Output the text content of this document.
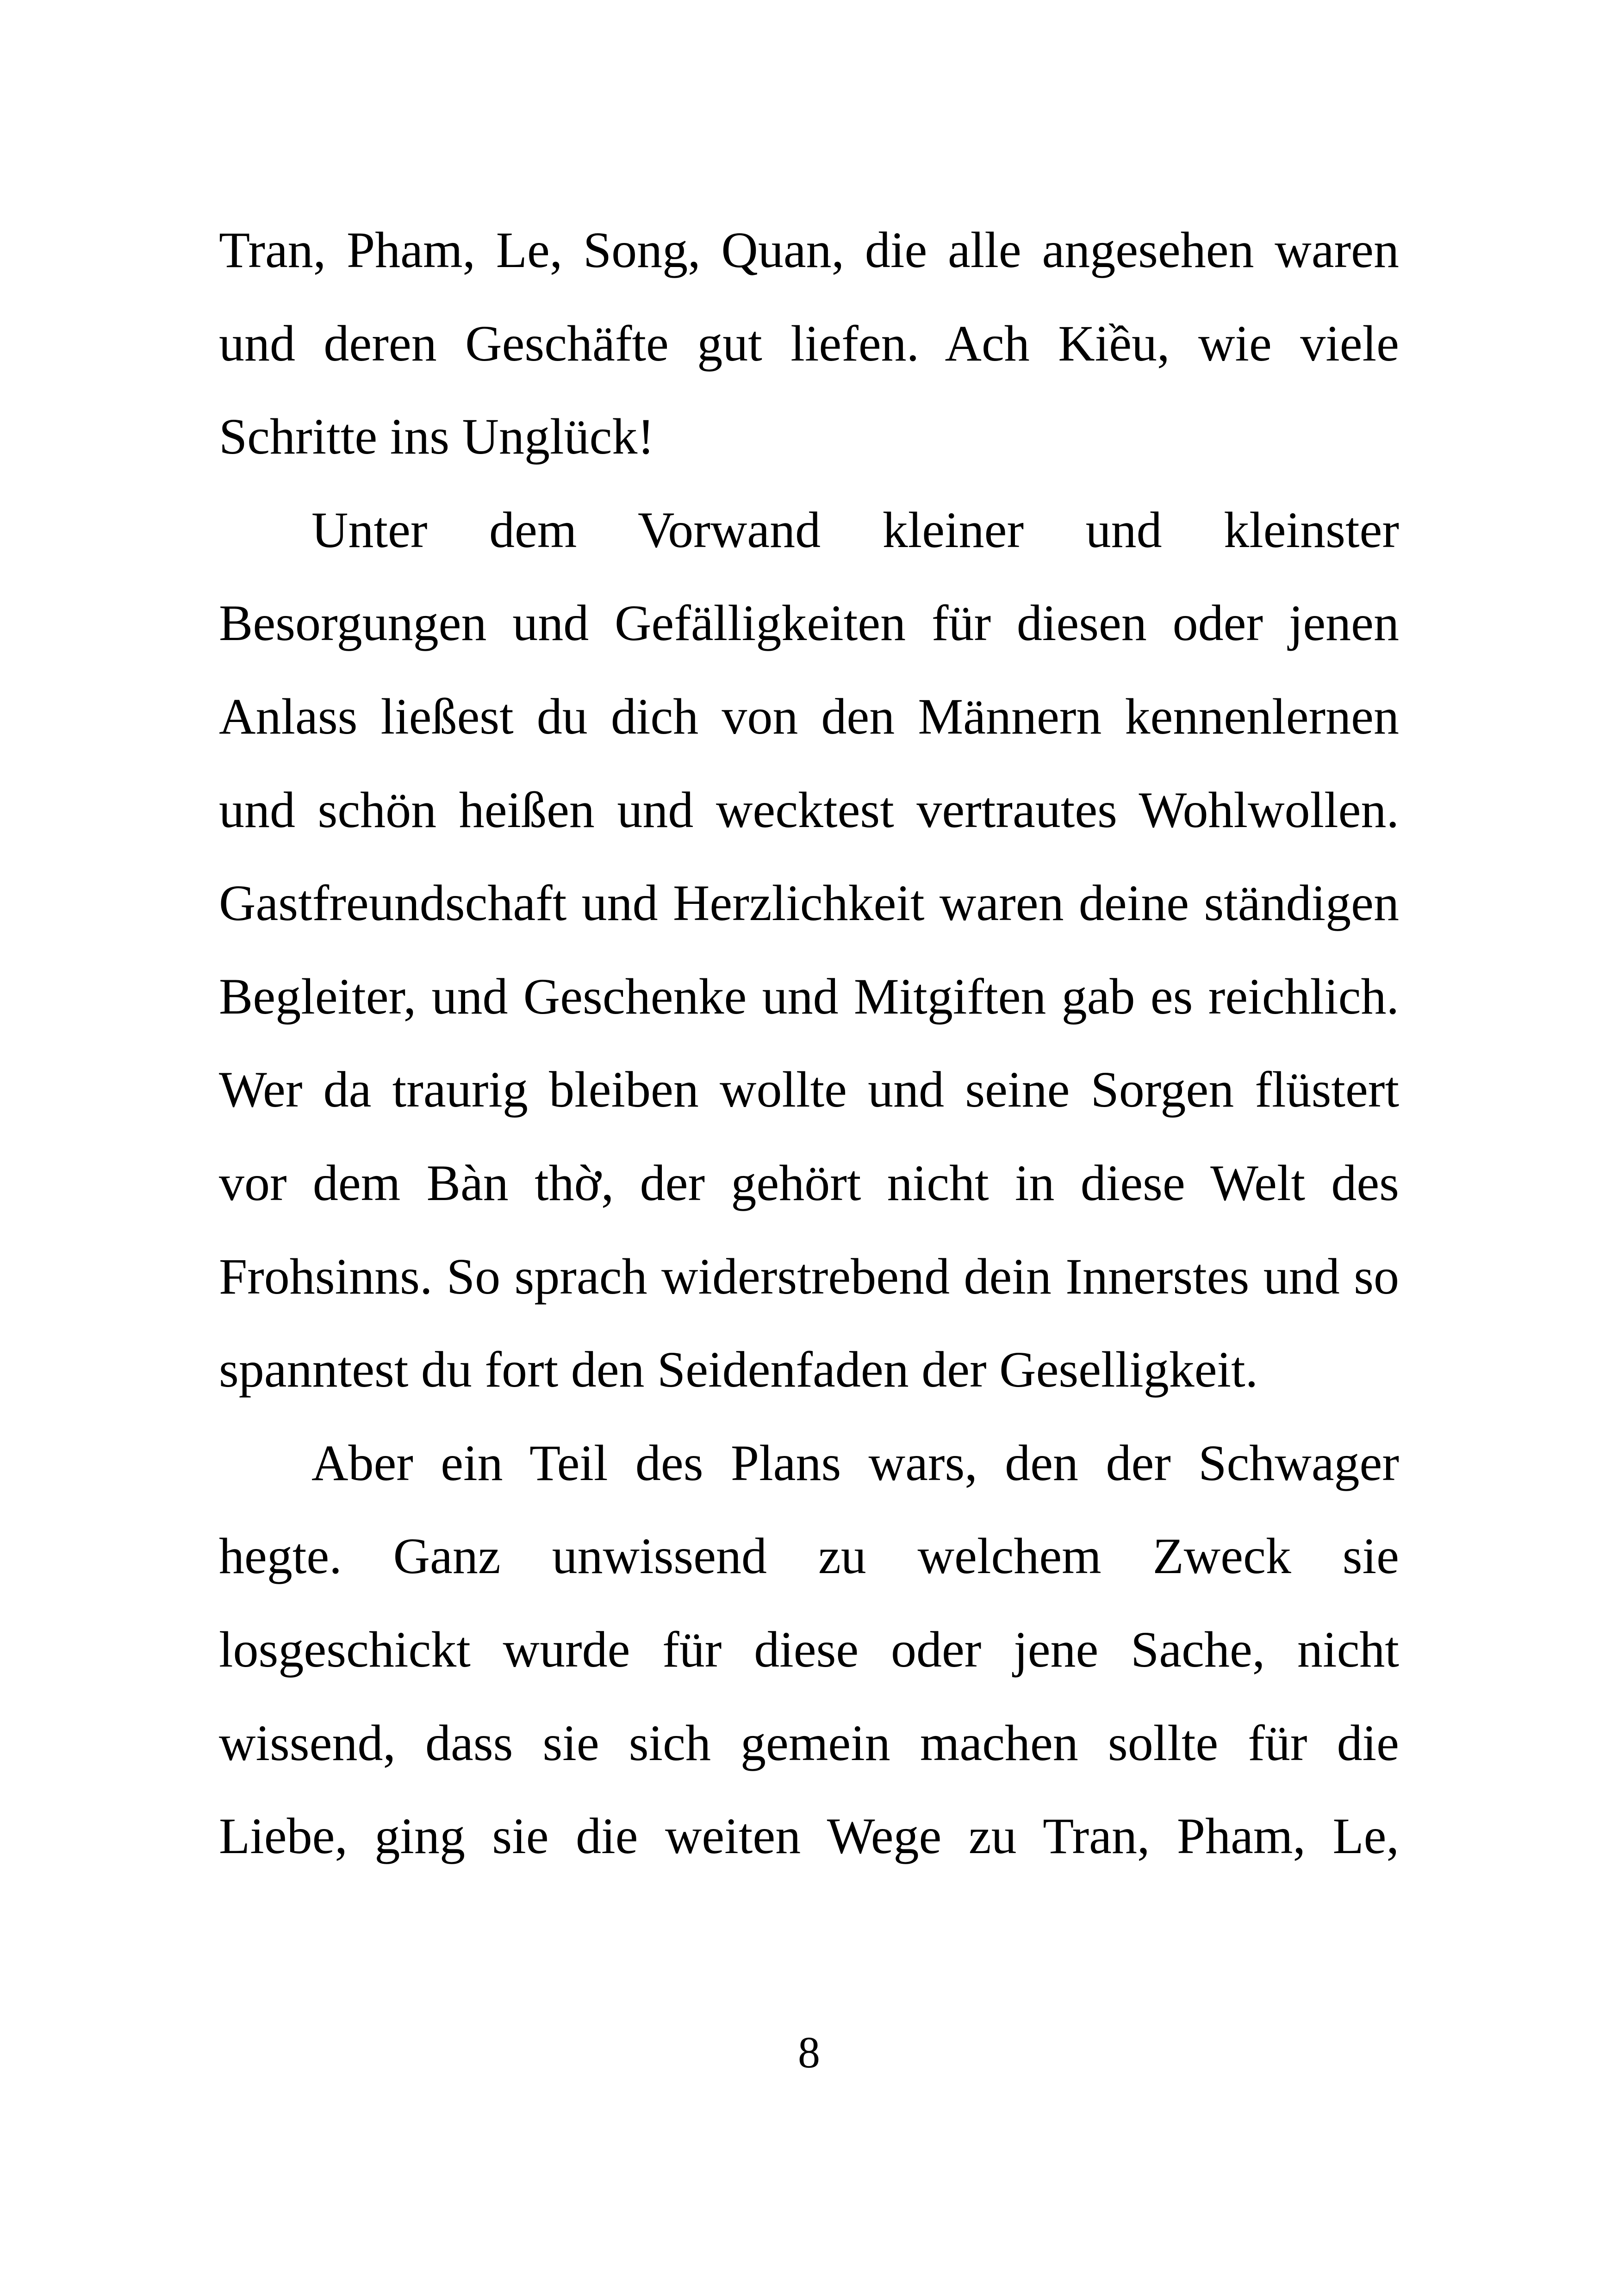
Tran, Pham, Le, Song, Quan, die alle angesehen waren und deren Geschäfte gut liefen. Ach Kiều, wie viele Schritte ins Unglück!

Unter dem Vorwand kleiner und kleinster Besorgungen und Gefälligkeiten für diesen oder jenen Anlass ließest du dich von den Männern kennenlernen und schön heißen und wecktest vertrautes Wohlwollen. Gastfreundschaft und Herzlichkeit waren deine ständigen Begleiter, und Geschenke und Mitgiften gab es reichlich. Wer da traurig bleiben wollte und seine Sorgen flüstert vor dem Bàn thờ, der gehört nicht in diese Welt des Frohsinns. So sprach widerstrebend dein Innerstes und so spanntest du fort den Seidenfaden der Geselligkeit.

Aber ein Teil des Plans wars, den der Schwager hegte. Ganz unwissend zu welchem Zweck sie losgeschickt wurde für diese oder jene Sache, nicht wissend, dass sie sich gemein machen sollte für die Liebe, ging sie die weiten Wege zu Tran, Pham, Le,

8
